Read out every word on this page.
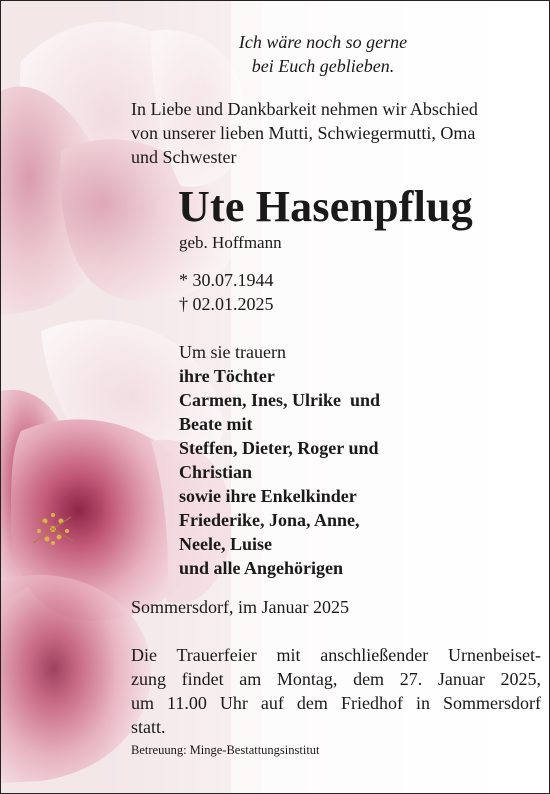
Ich wäre noch so gerne
bei Euch geblieben.
In Liebe und Dankbarkeit nehmen wir Abschied
von unserer lieben Mutti, Schwiegermutti, Oma
und Schwester
Ute Hasenpflug
geb. Hoffmann
* 30.07.1944
† 02.01.2025
Um sie trauern
ihre Töchter
Carmen, Ines, Ulrike  und
Beate mit
Steffen, Dieter, Roger und
Christian
sowie ihre Enkelkinder
Friederike, Jona, Anne,
Neele, Luise
und alle Angehörigen
Sommersdorf, im Januar 2025
Die Trauerfeier mit anschließender Urnenbeiset-
zung findet am Montag, dem 27. Januar 2025,
um 11.00 Uhr auf dem Friedhof in Sommersdorf
statt.
Betreuung: Minge-Bestattungsinstitut
